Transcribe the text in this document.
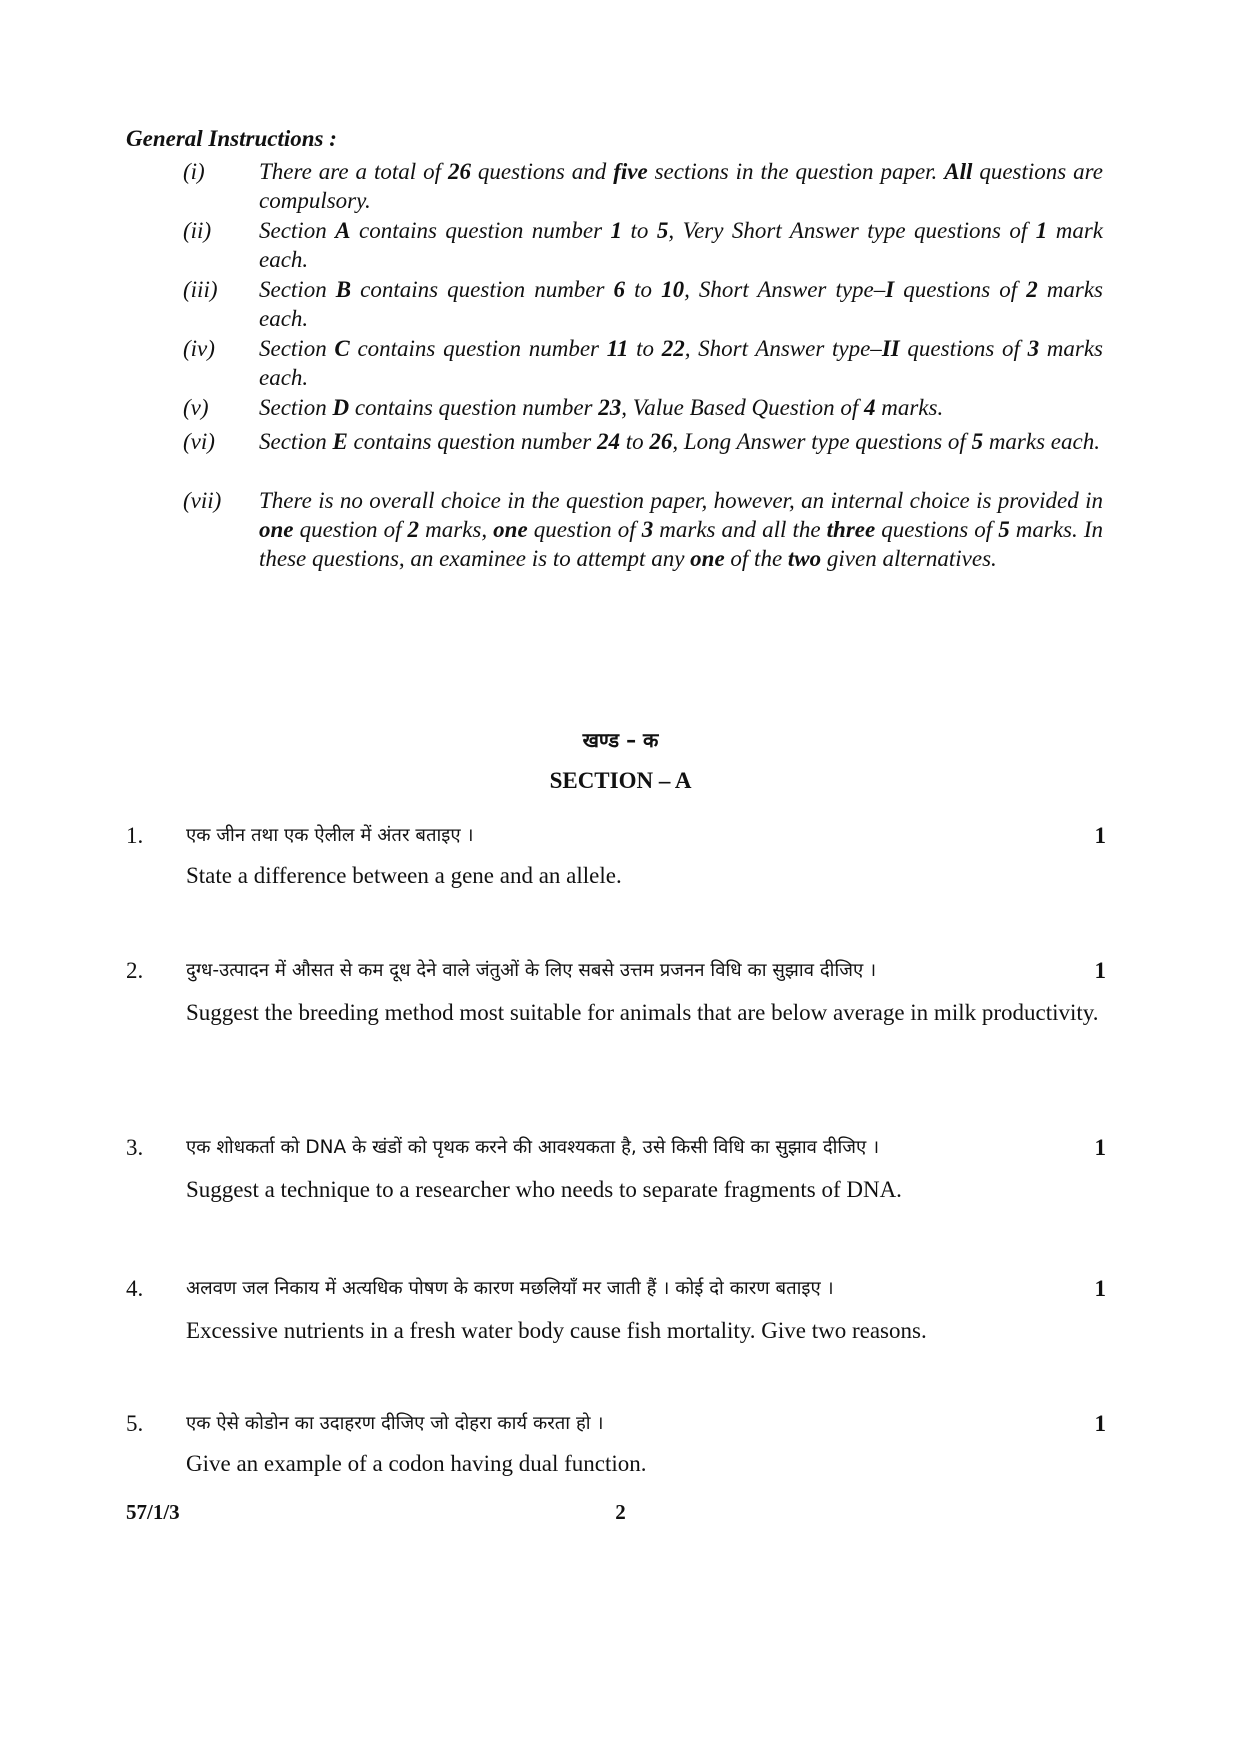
General Instructions :
(i)	There are a total of 26 questions and five sections in the question paper. All questions are compulsory.
(ii)	Section A contains question number 1 to 5, Very Short Answer type questions of 1 mark each.
(iii)	Section B contains question number 6 to 10, Short Answer type–I questions of 2 marks each.
(iv)	Section C contains question number 11 to 22, Short Answer type–II questions of 3 marks each.
(v)	Section D contains question number 23, Value Based Question of 4 marks.
(vi)	Section E contains question number 24 to 26, Long Answer type questions of 5 marks each.
(vii)	There is no overall choice in the question paper, however, an internal choice is provided in one question of 2 marks, one question of 3 marks and all the three questions of 5 marks. In these questions, an examinee is to attempt any one of the two given alternatives.
खण्ड – क
SECTION – A
1. एक जीन तथा एक ऐलील में अंतर बताइए ।	1
State a difference between a gene and an allele.
2. दुग्ध-उत्पादन में औसत से कम दूध देने वाले जंतुओं के लिए सबसे उत्तम प्रजनन विधि का सुझाव दीजिए ।	1
Suggest the breeding method most suitable for animals that are below average in milk productivity.
3. एक शोधकर्ता को DNA के खंडों को पृथक करने की आवश्यकता है, उसे किसी विधि का सुझाव दीजिए ।	1
Suggest a technique to a researcher who needs to separate fragments of DNA.
4. अलवण जल निकाय में अत्यधिक पोषण के कारण मछलियाँ मर जाती हैं । कोई दो कारण बताइए ।	1
Excessive nutrients in a fresh water body cause fish mortality. Give two reasons.
5. एक ऐसे कोडोन का उदाहरण दीजिए जो दोहरा कार्य करता हो ।	1
Give an example of a codon having dual function.
57/1/3	2
